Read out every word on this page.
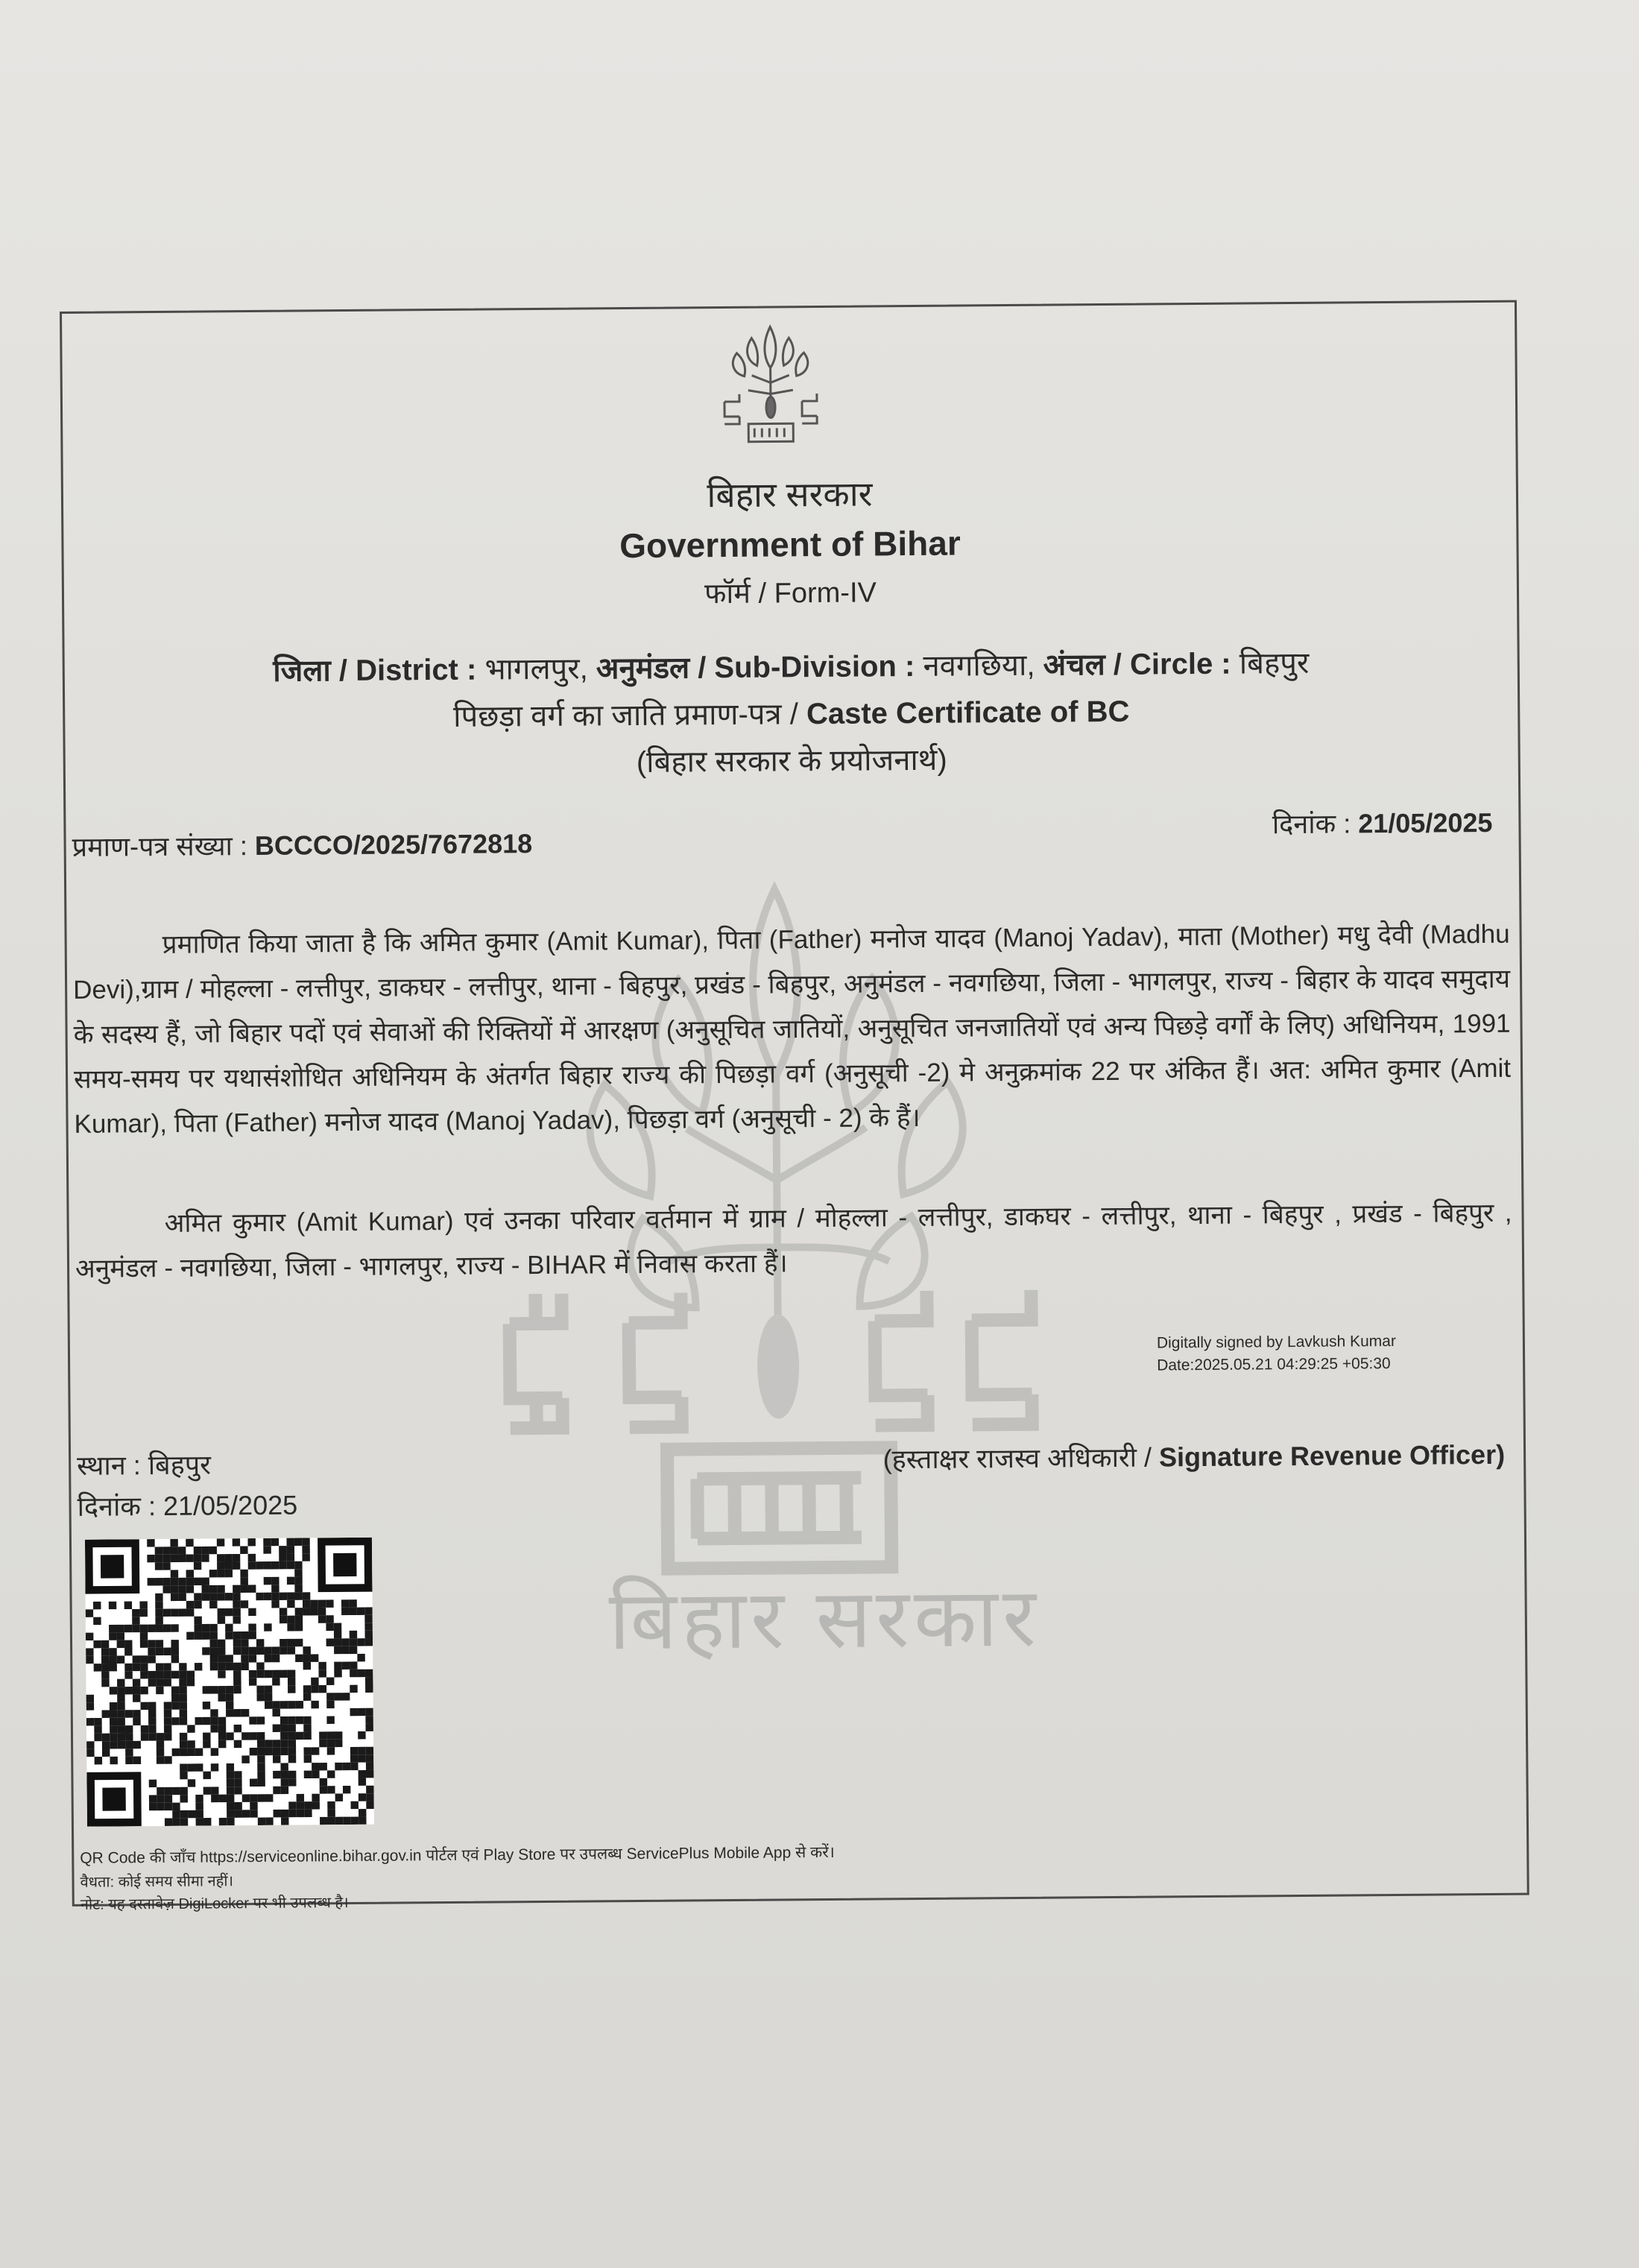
बिहार सरकार
बिहार सरकार
Government of Bihar
फॉर्म / Form-IV
जिला / District : भागलपुर, अनुमंडल / Sub-Division : नवगछिया, अंचल / Circle : बिहपुर
पिछड़ा वर्ग का जाति प्रमाण-पत्र / Caste Certificate of BC
(बिहार सरकार के प्रयोजनार्थ)
प्रमाण-पत्र संख्या : BCCCO/2025/7672818
दिनांक : 21/05/2025

प्रमाणित किया जाता है कि अमित कुमार (Amit Kumar), पिता (Father) मनोज यादव (Manoj Yadav), माता (Mother) मधु देवी (Madhu Devi),ग्राम / मोहल्ला - लत्तीपुर, डाकघर - लत्तीपुर, थाना - बिहपुर, प्रखंड - बिहपुर, अनुमंडल - नवगछिया, जिला - भागलपुर, राज्य - बिहार के यादव समुदाय के सदस्य हैं, जो बिहार पदों एवं सेवाओं की रिक्तियों में आरक्षण (अनुसूचित जातियों, अनुसूचित जनजातियों एवं अन्य पिछड़े वर्गों के लिए) अधिनियम, 1991 समय-समय पर यथासंशोधित अधिनियम के अंतर्गत बिहार राज्य की पिछड़ा वर्ग (अनुसूची -2) मे अनुक्रमांक 22 पर अंकित हैं। अत: अमित कुमार (Amit Kumar), पिता (Father) मनोज यादव (Manoj Yadav), पिछड़ा वर्ग (अनुसूची - 2) के हैं।

अमित कुमार (Amit Kumar) एवं उनका परिवार वर्तमान में ग्राम / मोहल्ला - लत्तीपुर, डाकघर - लत्तीपुर, थाना - बिहपुर , प्रखंड - बिहपुर , अनुमंडल - नवगछिया, जिला - भागलपुर, राज्य - BIHAR में निवास करता हैं।

Digitally signed by Lavkush Kumar
Date:2025.05.21 04:29:25 +05:30
स्थान : बिहपुर
दिनांक : 21/05/2025
(हस्ताक्षर राजस्व अधिकारी / Signature Revenue Officer)
QR Code की जाँच https://serviceonline.bihar.gov.in पोर्टल एवं Play Store पर उपलब्ध ServicePlus Mobile App से करें।
वैधता: कोई समय सीमा नहीं।
नोट: यह दस्तावेज़ DigiLocker पर भी उपलब्ध है।
